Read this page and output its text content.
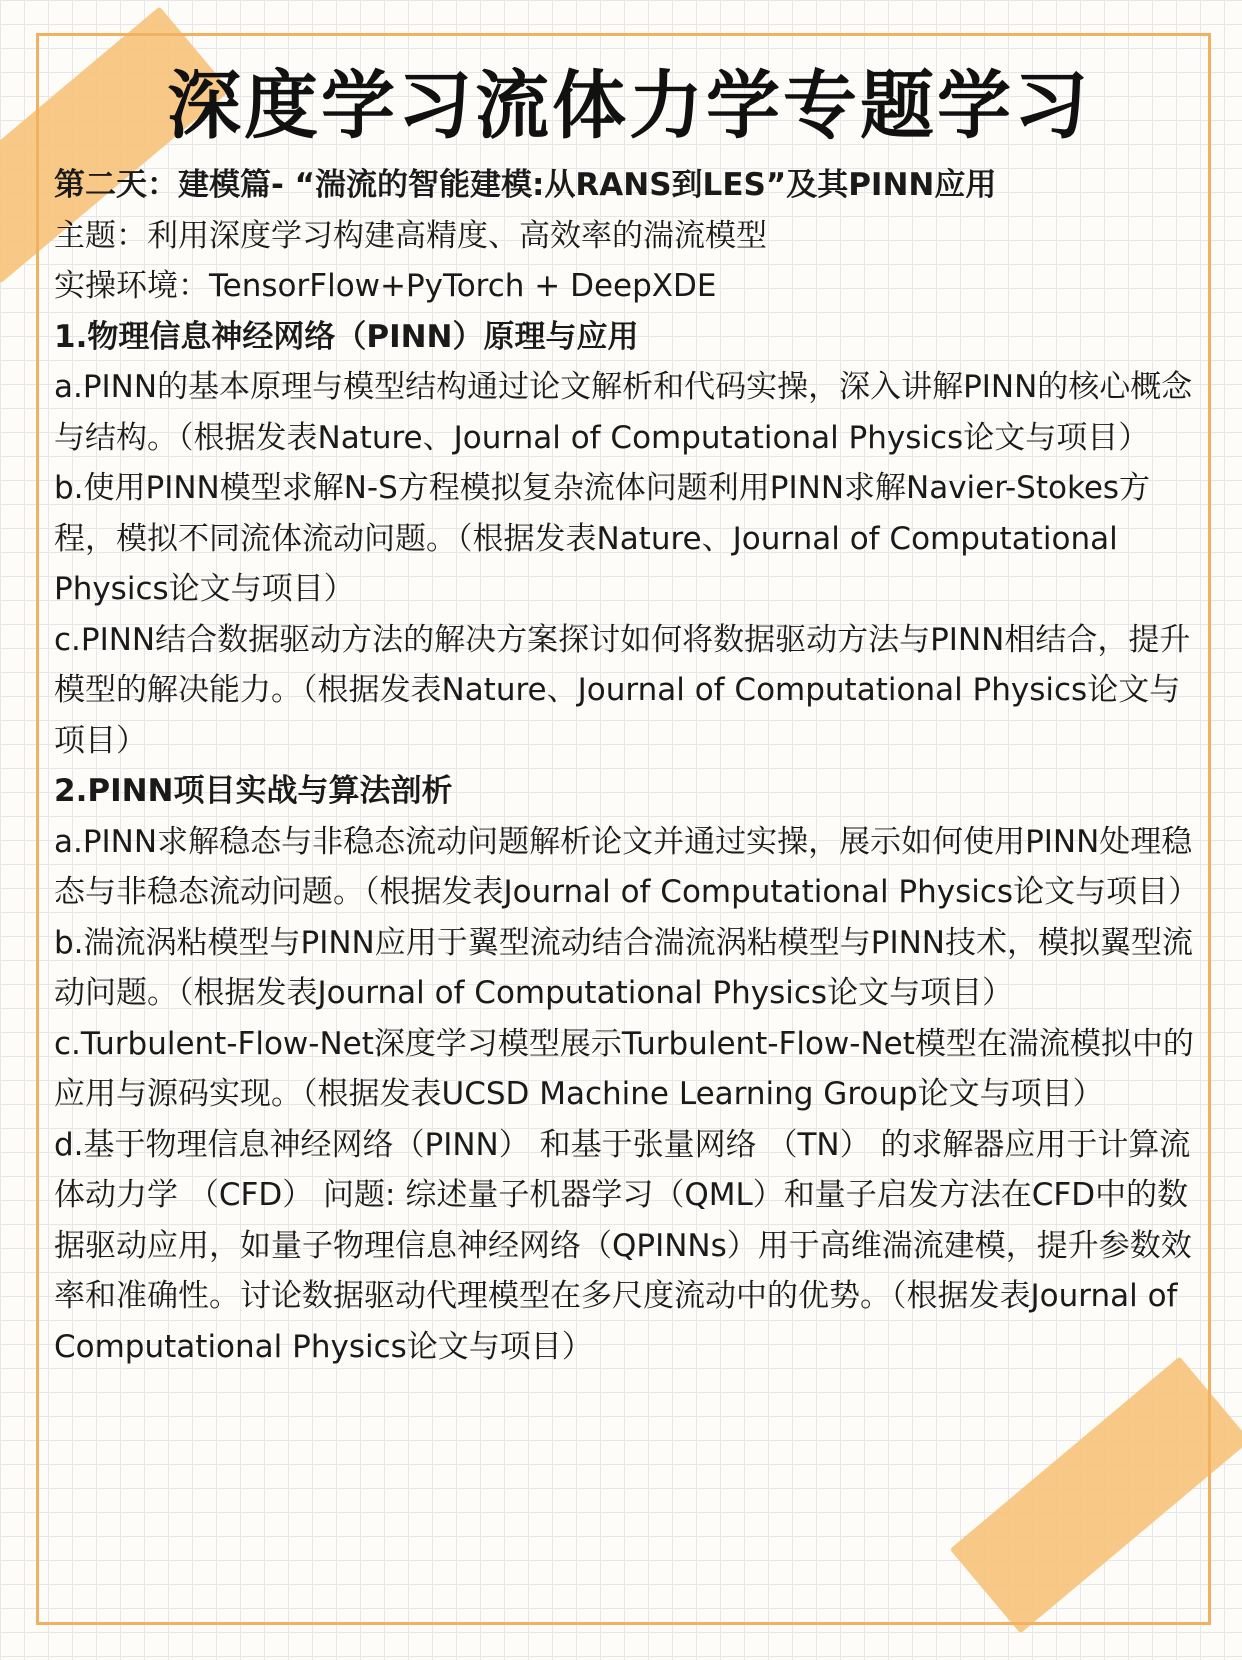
深度学习流体力学专题学习

第二天：建模篇- “湍流的智能建模:从RANS到LES”及其PINN应用

主题：利用深度学习构建高精度、高效率的湍流模型

实操环境：TensorFlow+PyTorch + DeepXDE

1.物理信息神经网络（PINN）原理与应用

a.PINN的基本原理与模型结构通过论文解析和代码实操，深入讲解PINN的核心概念与结构。（根据发表Nature、Journal of Computational Physics论文与项目）

b.使用PINN模型求解N-S方程模拟复杂流体问题利用PINN求解Navier-Stokes方程，模拟不同流体流动问题。（根据发表Nature、Journal of Computational Physics论文与项目）

c.PINN结合数据驱动方法的解决方案探讨如何将数据驱动方法与PINN相结合，提升模型的解决能力。（根据发表Nature、Journal of Computational Physics论文与项目）

2.PINN项目实战与算法剖析

a.PINN求解稳态与非稳态流动问题解析论文并通过实操，展示如何使用PINN处理稳态与非稳态流动问题。（根据发表Journal of Computational Physics论文与项目）

b.湍流涡粘模型与PINN应用于翼型流动结合湍流涡粘模型与PINN技术，模拟翼型流动问题。（根据发表Journal of Computational Physics论文与项目）

c.Turbulent-Flow-Net深度学习模型展示Turbulent-Flow-Net模型在湍流模拟中的应用与源码实现。（根据发表UCSD Machine Learning Group论文与项目）

d.基于物理信息神经网络（PINN） 和基于张量网络 （TN） 的求解器应用于计算流体动力学 （CFD） 问题: 综述量子机器学习（QML）和量子启发方法在CFD中的数据驱动应用，如量子物理信息神经网络（QPINNs）用于高维湍流建模，提升参数效率和准确性。讨论数据驱动代理模型在多尺度流动中的优势。（根据发表Journal of Computational Physics论文与项目）
